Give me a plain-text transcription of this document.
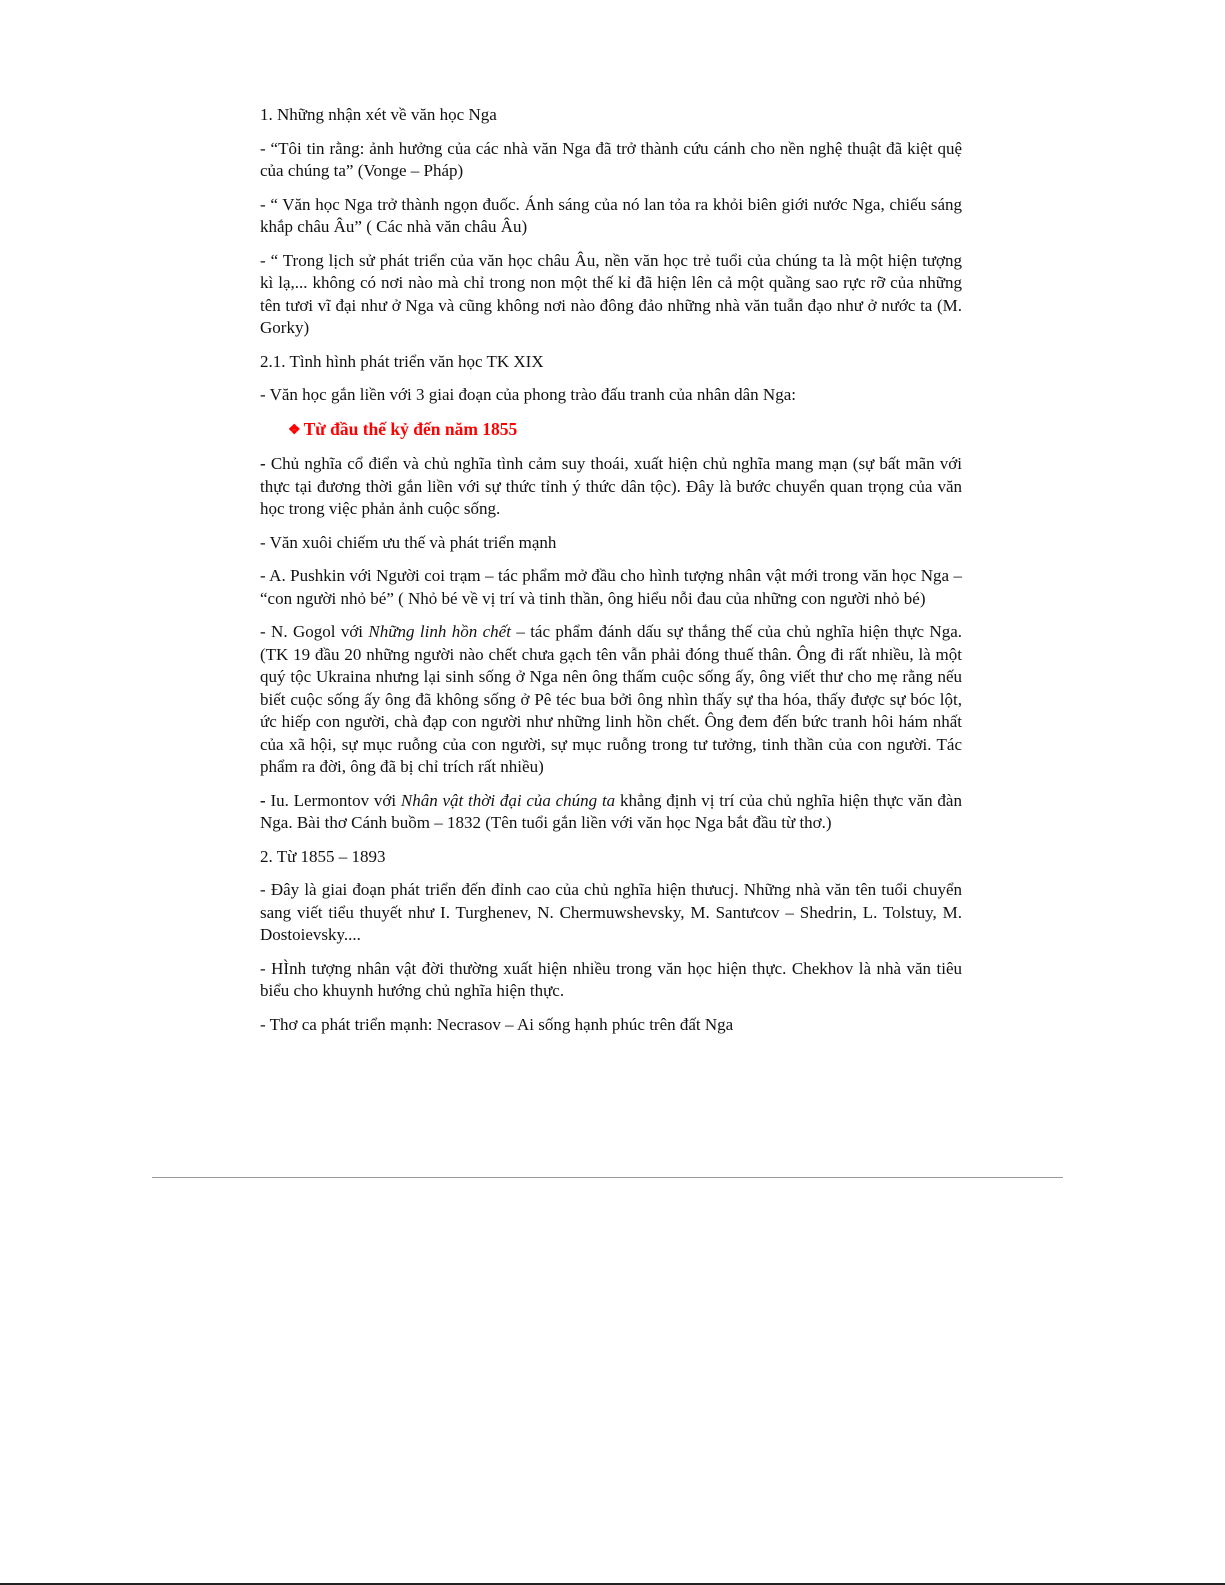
1. Những nhận xét về văn học Nga

- “Tôi tin rằng: ảnh hưởng của các nhà văn Nga đã trở thành cứu cánh cho nền nghệ thuật đã kiệt quệ của chúng ta” (Vonge – Pháp)

- “ Văn học Nga trở thành ngọn đuốc. Ánh sáng của nó lan tỏa ra khỏi biên giới nước Nga, chiếu sáng khắp châu Âu” ( Các nhà văn châu Âu)

- “ Trong lịch sử phát triển của văn học châu Âu, nền văn học trẻ tuổi của chúng ta là một hiện tượng kì lạ,... không có nơi nào mà chỉ trong non một thế kỉ đã hiện lên cả một quầng sao rực rỡ của những tên tươi vĩ đại như ở Nga và cũng không nơi nào đông đảo những nhà văn tuẫn đạo như ở nước ta (M. Gorky)

2.1. Tình hình phát triển văn học TK XIX

- Văn học gắn liền với 3 giai đoạn của phong trào đấu tranh của nhân dân Nga:

❖ Từ đầu thế kỷ đến năm 1855

- Chủ nghĩa cổ điển và chủ nghĩa tình cảm suy thoái, xuất hiện chủ nghĩa mang mạn (sự bất mãn với thực tại đương thời gắn liền với sự thức tỉnh ý thức dân tộc). Đây là bước chuyển quan trọng của văn học trong việc phản ảnh cuộc sống.

- Văn xuôi chiếm ưu thế và phát triển mạnh

- A. Pushkin với Người coi trạm – tác phẩm mở đầu cho hình tượng nhân vật mới trong văn học Nga – “con người nhỏ bé” ( Nhỏ bé về vị trí và tinh thần, ông hiểu nỗi đau của những con người nhỏ bé)

- N. Gogol với Những linh hồn chết – tác phẩm đánh dấu sự thắng thế của chủ nghĩa hiện thực Nga. (TK 19 đầu 20 những người nào chết chưa gạch tên vẫn phải đóng thuế thân. Ông đi rất nhiều, là một quý tộc Ukraina nhưng lại sinh sống ở Nga nên ông thấm cuộc sống ấy, ông viết thư cho mẹ rằng nếu biết cuộc sống ấy ông đã không sống ở Pê téc bua bởi ông nhìn thấy sự tha hóa, thấy được sự bóc lột, ức hiếp con người, chà đạp con người như những linh hồn chết. Ông đem đến bức tranh hôi hám nhất của xã hội, sự mục ruỗng của con người, sự mục ruỗng trong tư tưởng, tinh thần của con người. Tác phẩm ra đời, ông đã bị chỉ trích rất nhiều)

- Iu. Lermontov với Nhân vật thời đại của chúng ta khẳng định vị trí của chủ nghĩa hiện thực văn đàn Nga. Bài thơ Cánh buồm – 1832 (Tên tuổi gắn liền với văn học Nga bắt đầu từ thơ.)

2. Từ 1855 – 1893

- Đây là giai đoạn phát triển đến đỉnh cao của chủ nghĩa hiện thưucj. Những nhà văn tên tuổi chuyển sang viết tiểu thuyết như I. Turghenev, N. Chermuwshevsky, M. Santưcov – Shedrin, L. Tolstuy, M. Dostoievsky....

- HÌnh tượng nhân vật đời thường xuất hiện nhiều trong văn học hiện thực. Chekhov là nhà văn tiêu biểu cho khuynh hướng chủ nghĩa hiện thực.

- Thơ ca phát triển mạnh: Necrasov – Ai sống hạnh phúc trên đất Nga
